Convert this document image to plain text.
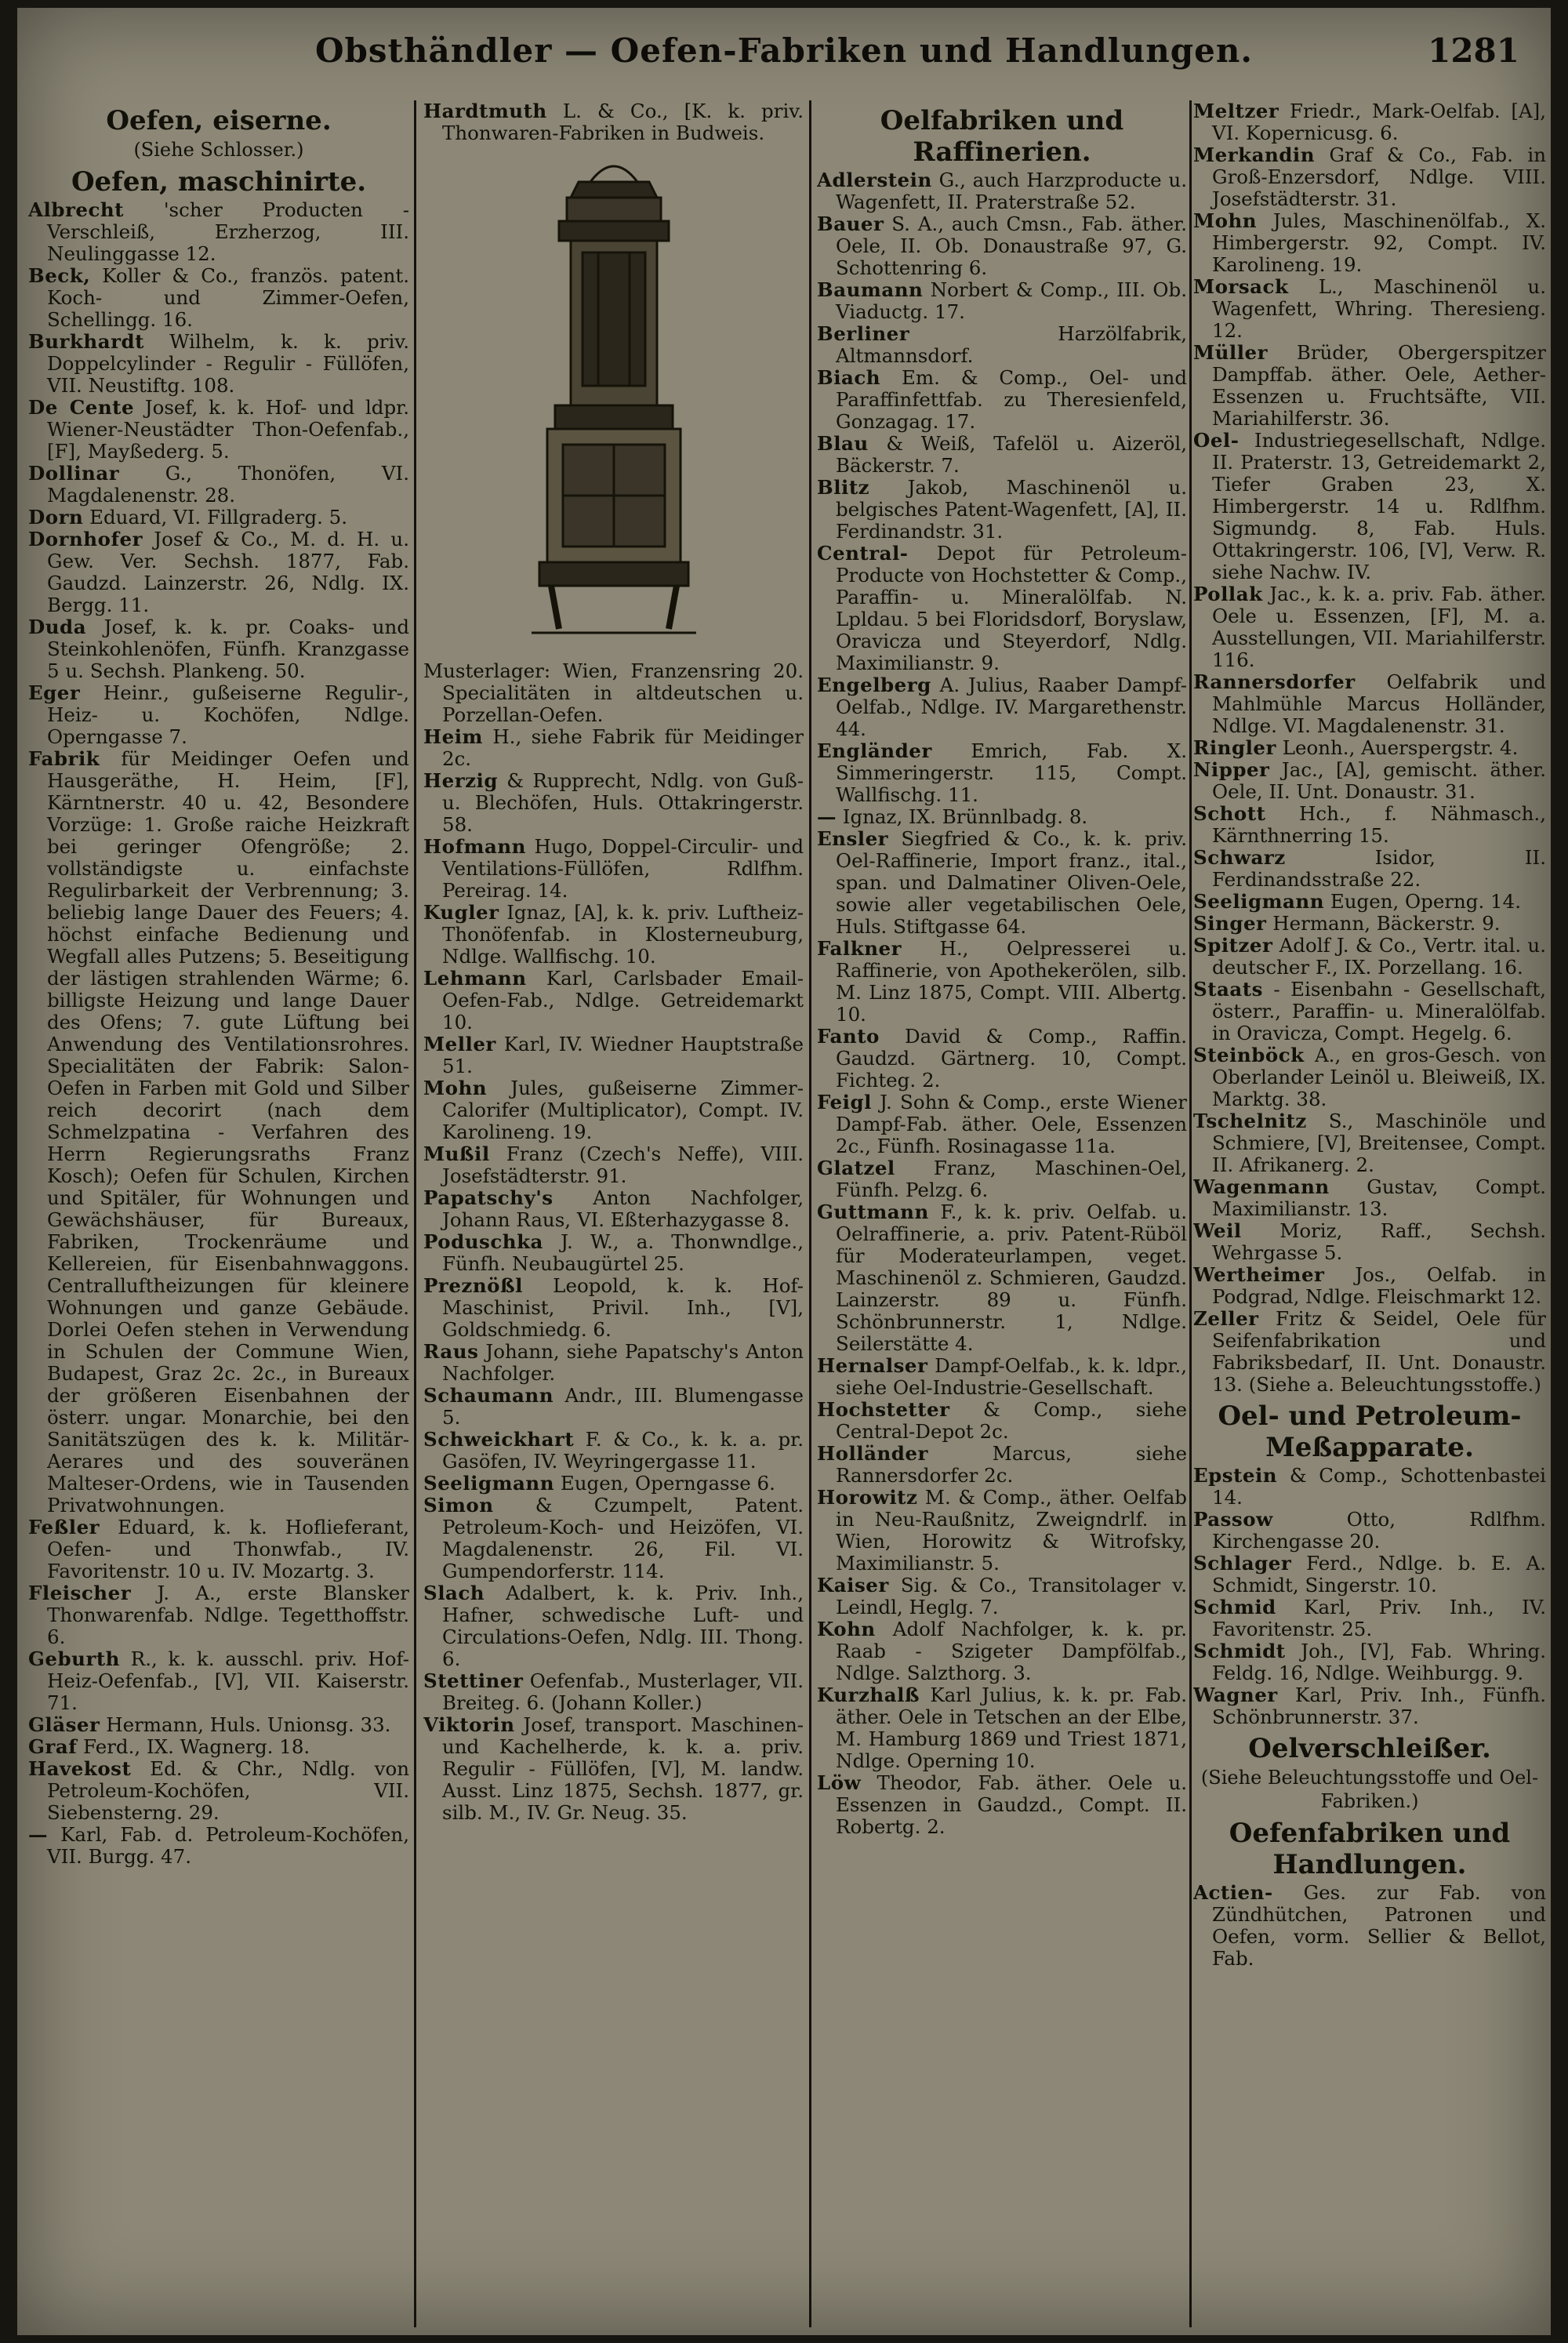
Obsthändler — Oefen-Fabriken und Handlungen.	1281
Oefen, eiserne.
(Siehe Schlosser.)
Oefen, maschinirte.
Albrecht 'scher Producten - Verschleiß, Erzherzog, III. Neulinggasse 12.
Beck, Koller & Co., französ. patent. Koch- und Zimmer-Oefen, Schellingg. 16.
Burkhardt Wilhelm, k. k. priv. Doppelcylinder - Regulir - Füllöfen, VII. Neustiftg. 108.
De Cente Josef, k. k. Hof- und ldpr. Wiener-Neustädter Thon-Oefenfab., [F], Mayßederg. 5.
Dollinar G., Thonöfen, VI. Magdalenenstr. 28.
Dorn Eduard, VI. Fillgraderg. 5.
Dornhofer Josef & Co., M. d. H. u. Gew. Ver. Sechsh. 1877, Fab. Gaudzd. Lainzerstr. 26, Ndlg. IX. Bergg. 11.
Duda Josef, k. k. pr. Coaks- und Steinkohlenöfen, Fünfh. Kranzgasse 5 u. Sechsh. Plankeng. 50.
Eger Heinr., gußeiserne Regulir-, Heiz- u. Kochöfen, Ndlge. Operngasse 7.
Fabrik für Meidinger Oefen und Hausgeräthe, H. Heim, [F], Kärntnerstr. 40 u. 42, Besondere Vorzüge: 1. Große raiche Heizkraft bei geringer Ofengröße; 2. vollständigste u. einfachste Regulirbarkeit der Verbrennung; 3. beliebig lange Dauer des Feuers; 4. höchst einfache Bedienung und Wegfall alles Putzens; 5. Beseitigung der lästigen strahlenden Wärme; 6. billigste Heizung und lange Dauer des Ofens; 7. gute Lüftung bei Anwendung des Ventilationsrohres. Specialitäten der Fabrik: Salon-Oefen in Farben mit Gold und Silber reich decorirt (nach dem Schmelzpatina - Verfahren des Herrn Regierungsraths Franz Kosch); Oefen für Schulen, Kirchen und Spitäler, für Wohnungen und Gewächshäuser, für Bureaux, Fabriken, Trockenräume und Kellereien, für Eisenbahnwaggons. Centralluftheizungen für kleinere Wohnungen und ganze Gebäude. Dorlei Oefen stehen in Verwendung in Schulen der Commune Wien, Budapest, Graz 2c. 2c., in Bureaux der größeren Eisenbahnen der österr. ungar. Monarchie, bei den Sanitätszügen des k. k. Militär-Aerares und des souveränen Malteser-Ordens, wie in Tausenden Privatwohnungen.
Feßler Eduard, k. k. Hoflieferant, Oefen- und Thonwfab., IV. Favoritenstr. 10 u. IV. Mozartg. 3.
Fleischer J. A., erste Blansker Thonwarenfab. Ndlge. Tegetthoffstr. 6.
Geburth R., k. k. ausschl. priv. Hof-Heiz-Oefenfab., [V], VII. Kaiserstr. 71.
Gläser Hermann, Huls. Unionsg. 33.
Graf Ferd., IX. Wagnerg. 18.
Havekost Ed. & Chr., Ndlg. von Petroleum-Kochöfen, VII. Siebensterng. 29.
— Karl, Fab. d. Petroleum-Kochöfen, VII. Burgg. 47.
Hardtmuth L. & Co., [K. k. priv. Thonwaren-Fabriken in Budweis.
Musterlager: Wien, Franzensring 20. Specialitäten in altdeutschen u. Porzellan-Oefen.
Heim H., siehe Fabrik für Meidinger 2c.
Herzig & Rupprecht, Ndlg. von Guß- u. Blechöfen, Huls. Ottakringerstr. 58.
Hofmann Hugo, Doppel-Circulir- und Ventilations-Füllöfen, Rdlfhm. Pereirag. 14.
Kugler Ignaz, [A], k. k. priv. Luftheiz-Thonöfenfab. in Klosterneuburg, Ndlge. Wallfischg. 10.
Lehmann Karl, Carlsbader Email-Oefen-Fab., Ndlge. Getreidemarkt 10.
Meller Karl, IV. Wiedner Hauptstraße 51.
Mohn Jules, gußeiserne Zimmer-Calorifer (Multiplicator), Compt. IV. Karolineng. 19.
Mußil Franz (Czech's Neffe), VIII. Josefstädterstr. 91.
Papatschy's Anton Nachfolger, Johann Raus, VI. Eßterhazygasse 8.
Poduschka J. W., a. Thonwndlge., Fünfh. Neubaugürtel 25.
Preznößl Leopold, k. k. Hof-Maschinist, Privil. Inh., [V], Goldschmiedg. 6.
Raus Johann, siehe Papatschy's Anton Nachfolger.
Schaumann Andr., III. Blumengasse 5.
Schweickhart F. & Co., k. k. a. pr. Gasöfen, IV. Weyringergasse 11.
Seeligmann Eugen, Operngasse 6.
Simon & Czumpelt, Patent. Petroleum-Koch- und Heizöfen, VI. Magdalenenstr. 26, Fil. VI. Gumpendorferstr. 114.
Slach Adalbert, k. k. Priv. Inh., Hafner, schwedische Luft- und Circulations-Oefen, Ndlg. III. Thong. 6.
Stettiner Oefenfab., Musterlager, VII. Breiteg. 6. (Johann Koller.)
Viktorin Josef, transport. Maschinen- und Kachelherde, k. k. a. priv. Regulir - Füllöfen, [V], M. landw. Ausst. Linz 1875, Sechsh. 1877, gr. silb. M., IV. Gr. Neug. 35.
Oelfabriken und Raffinerien.
Adlerstein G., auch Harzproducte u. Wagenfett, II. Praterstraße 52.
Bauer S. A., auch Cmsn., Fab. äther. Oele, II. Ob. Donaustraße 97, G. Schottenring 6.
Baumann Norbert & Comp., III. Ob. Viaductg. 17.
Berliner	Harzölfabrik, Altmannsdorf.
Biach Em. & Comp., Oel- und Paraffinfettfab. zu Theresienfeld, Gonzagag. 17.
Blau & Weiß, Tafelöl u. Aizeröl, Bäckerstr. 7.
Blitz Jakob, Maschinenöl u. belgisches Patent-Wagenfett, [A], II. Ferdinandstr. 31.
Central- Depot für Petroleum-Producte von Hochstetter & Comp., Paraffin- u. Mineralölfab. N. Lpldau. 5 bei Floridsdorf, Boryslaw, Oravicza und Steyerdorf, Ndlg. Maximilianstr. 9.
Engelberg A. Julius, Raaber Dampf-Oelfab., Ndlge. IV. Margarethenstr. 44.
Engländer Emrich, Fab. X. Simmeringerstr. 115, Compt. Wallfischg. 11.
— Ignaz, IX. Brünnlbadg. 8.
Ensler Siegfried & Co., k. k. priv. Oel-Raffinerie, Import franz., ital., span. und Dalmatiner Oliven-Oele, sowie aller vegetabilischen Oele, Huls. Stiftgasse 64.
Falkner H., Oelpresserei u. Raffinerie, von Apothekerölen, silb. M. Linz 1875, Compt. VIII. Albertg. 10.
Fanto David & Comp., Raffin. Gaudzd. Gärtnerg. 10, Compt. Fichteg. 2.
Feigl J. Sohn & Comp., erste Wiener Dampf-Fab. äther. Oele, Essenzen 2c., Fünfh. Rosinagasse 11a.
Glatzel Franz, Maschinen-Oel, Fünfh. Pelzg. 6.
Guttmann F., k. k. priv. Oelfab. u. Oelraffinerie, a. priv. Patent-Rüböl für Moderateurlampen, veget. Maschinenöl z. Schmieren, Gaudzd. Lainzerstr. 89 u. Fünfh. Schönbrunnerstr. 1, Ndlge. Seilerstätte 4.
Hernalser Dampf-Oelfab., k. k. ldpr., siehe Oel-Industrie-Gesellschaft.
Hochstetter & Comp., siehe Central-Depot 2c.
Holländer	Marcus, siehe Rannersdorfer 2c.
Horowitz M. & Comp., äther. Oelfab in Neu-Raußnitz, Zweigndrlf. in Wien, Horowitz & Witrofsky, Maximilianstr. 5.
Kaiser Sig. & Co., Transitolager v. Leindl, Heglg. 7.
Kohn Adolf Nachfolger, k. k. pr. Raab - Szigeter Dampfölfab., Ndlge. Salzthorg. 3.
Kurzhalß Karl Julius, k. k. pr. Fab. äther. Oele in Tetschen an der Elbe, M. Hamburg 1869 und Triest 1871, Ndlge. Operning 10.
Löw Theodor, Fab. äther. Oele u. Essenzen in Gaudzd., Compt. II. Robertg. 2.
Meltzer Friedr., Mark-Oelfab. [A], VI. Kopernicusg. 6.
Merkandin Graf & Co., Fab. in Groß-Enzersdorf, Ndlge. VIII. Josefstädterstr. 31.
Mohn Jules, Maschinenölfab., X. Himbergerstr. 92, Compt. IV. Karolineng. 19.
Morsack L., Maschinenöl u. Wagenfett, Whring. Theresieng. 12.
Müller Brüder, Obergerspitzer Dampffab. äther. Oele, Aether-Essenzen u. Fruchtsäfte, VII. Mariahilferstr. 36.
Oel- Industriegesellschaft, Ndlge. II. Praterstr. 13, Getreidemarkt 2, Tiefer Graben 23, X. Himbergerstr. 14 u. Rdlfhm. Sigmundg. 8, Fab. Huls. Ottakringerstr. 106, [V], Verw. R. siehe Nachw. IV.
Pollak Jac., k. k. a. priv. Fab. äther. Oele u. Essenzen, [F], M. a. Ausstellungen, VII. Mariahilferstr. 116.
Rannersdorfer Oelfabrik und Mahlmühle Marcus Holländer, Ndlge. VI. Magdalenenstr. 31.
Ringler Leonh., Auerspergstr. 4.
Nipper Jac., [A], gemischt. äther. Oele, II. Unt. Donaustr. 31.
Schott Hch., f. Nähmasch., Kärnthnerring 15.
Schwarz	Isidor, II. Ferdinandsstraße 22.
Seeligmann Eugen, Operng. 14.
Singer Hermann, Bäckerstr. 9.
Spitzer Adolf J. & Co., Vertr. ital. u. deutscher F., IX. Porzellang. 16.
Staats - Eisenbahn - Gesellschaft, österr., Paraffin- u. Mineralölfab. in Oravicza, Compt. Hegelg. 6.
Steinböck A., en gros-Gesch. von Oberlander Leinöl u. Bleiweiß, IX. Marktg. 38.
Tschelnitz S., Maschinöle und Schmiere, [V], Breitensee, Compt. II. Afrikanerg. 2.
Wagenmann Gustav, Compt. Maximilianstr. 13.
Weil Moriz, Raff., Sechsh. Wehrgasse 5.
Wertheimer Jos., Oelfab. in Podgrad, Ndlge. Fleischmarkt 12.
Zeller Fritz & Seidel, Oele für Seifenfabrikation und Fabriksbedarf, II. Unt. Donaustr. 13. (Siehe a. Beleuchtungsstoffe.)
Oel- und Petroleum-Meßapparate.
Epstein & Comp., Schottenbastei 14.
Passow	Otto, Rdlfhm. Kirchengasse 20.
Schlager Ferd., Ndlge. b. E. A. Schmidt, Singerstr. 10.
Schmid Karl, Priv. Inh., IV. Favoritenstr. 25.
Schmidt Joh., [V], Fab. Whring. Feldg. 16, Ndlge. Weihburgg. 9.
Wagner Karl, Priv. Inh., Fünfh. Schönbrunnerstr. 37.
Oelverschleißer.
(Siehe Beleuchtungsstoffe und Oel-Fabriken.)
Oefenfabriken und Handlungen.
Actien- Ges. zur Fab. von Zündhütchen, Patronen und Oefen, vorm. Sellier & Bellot, Fab.
